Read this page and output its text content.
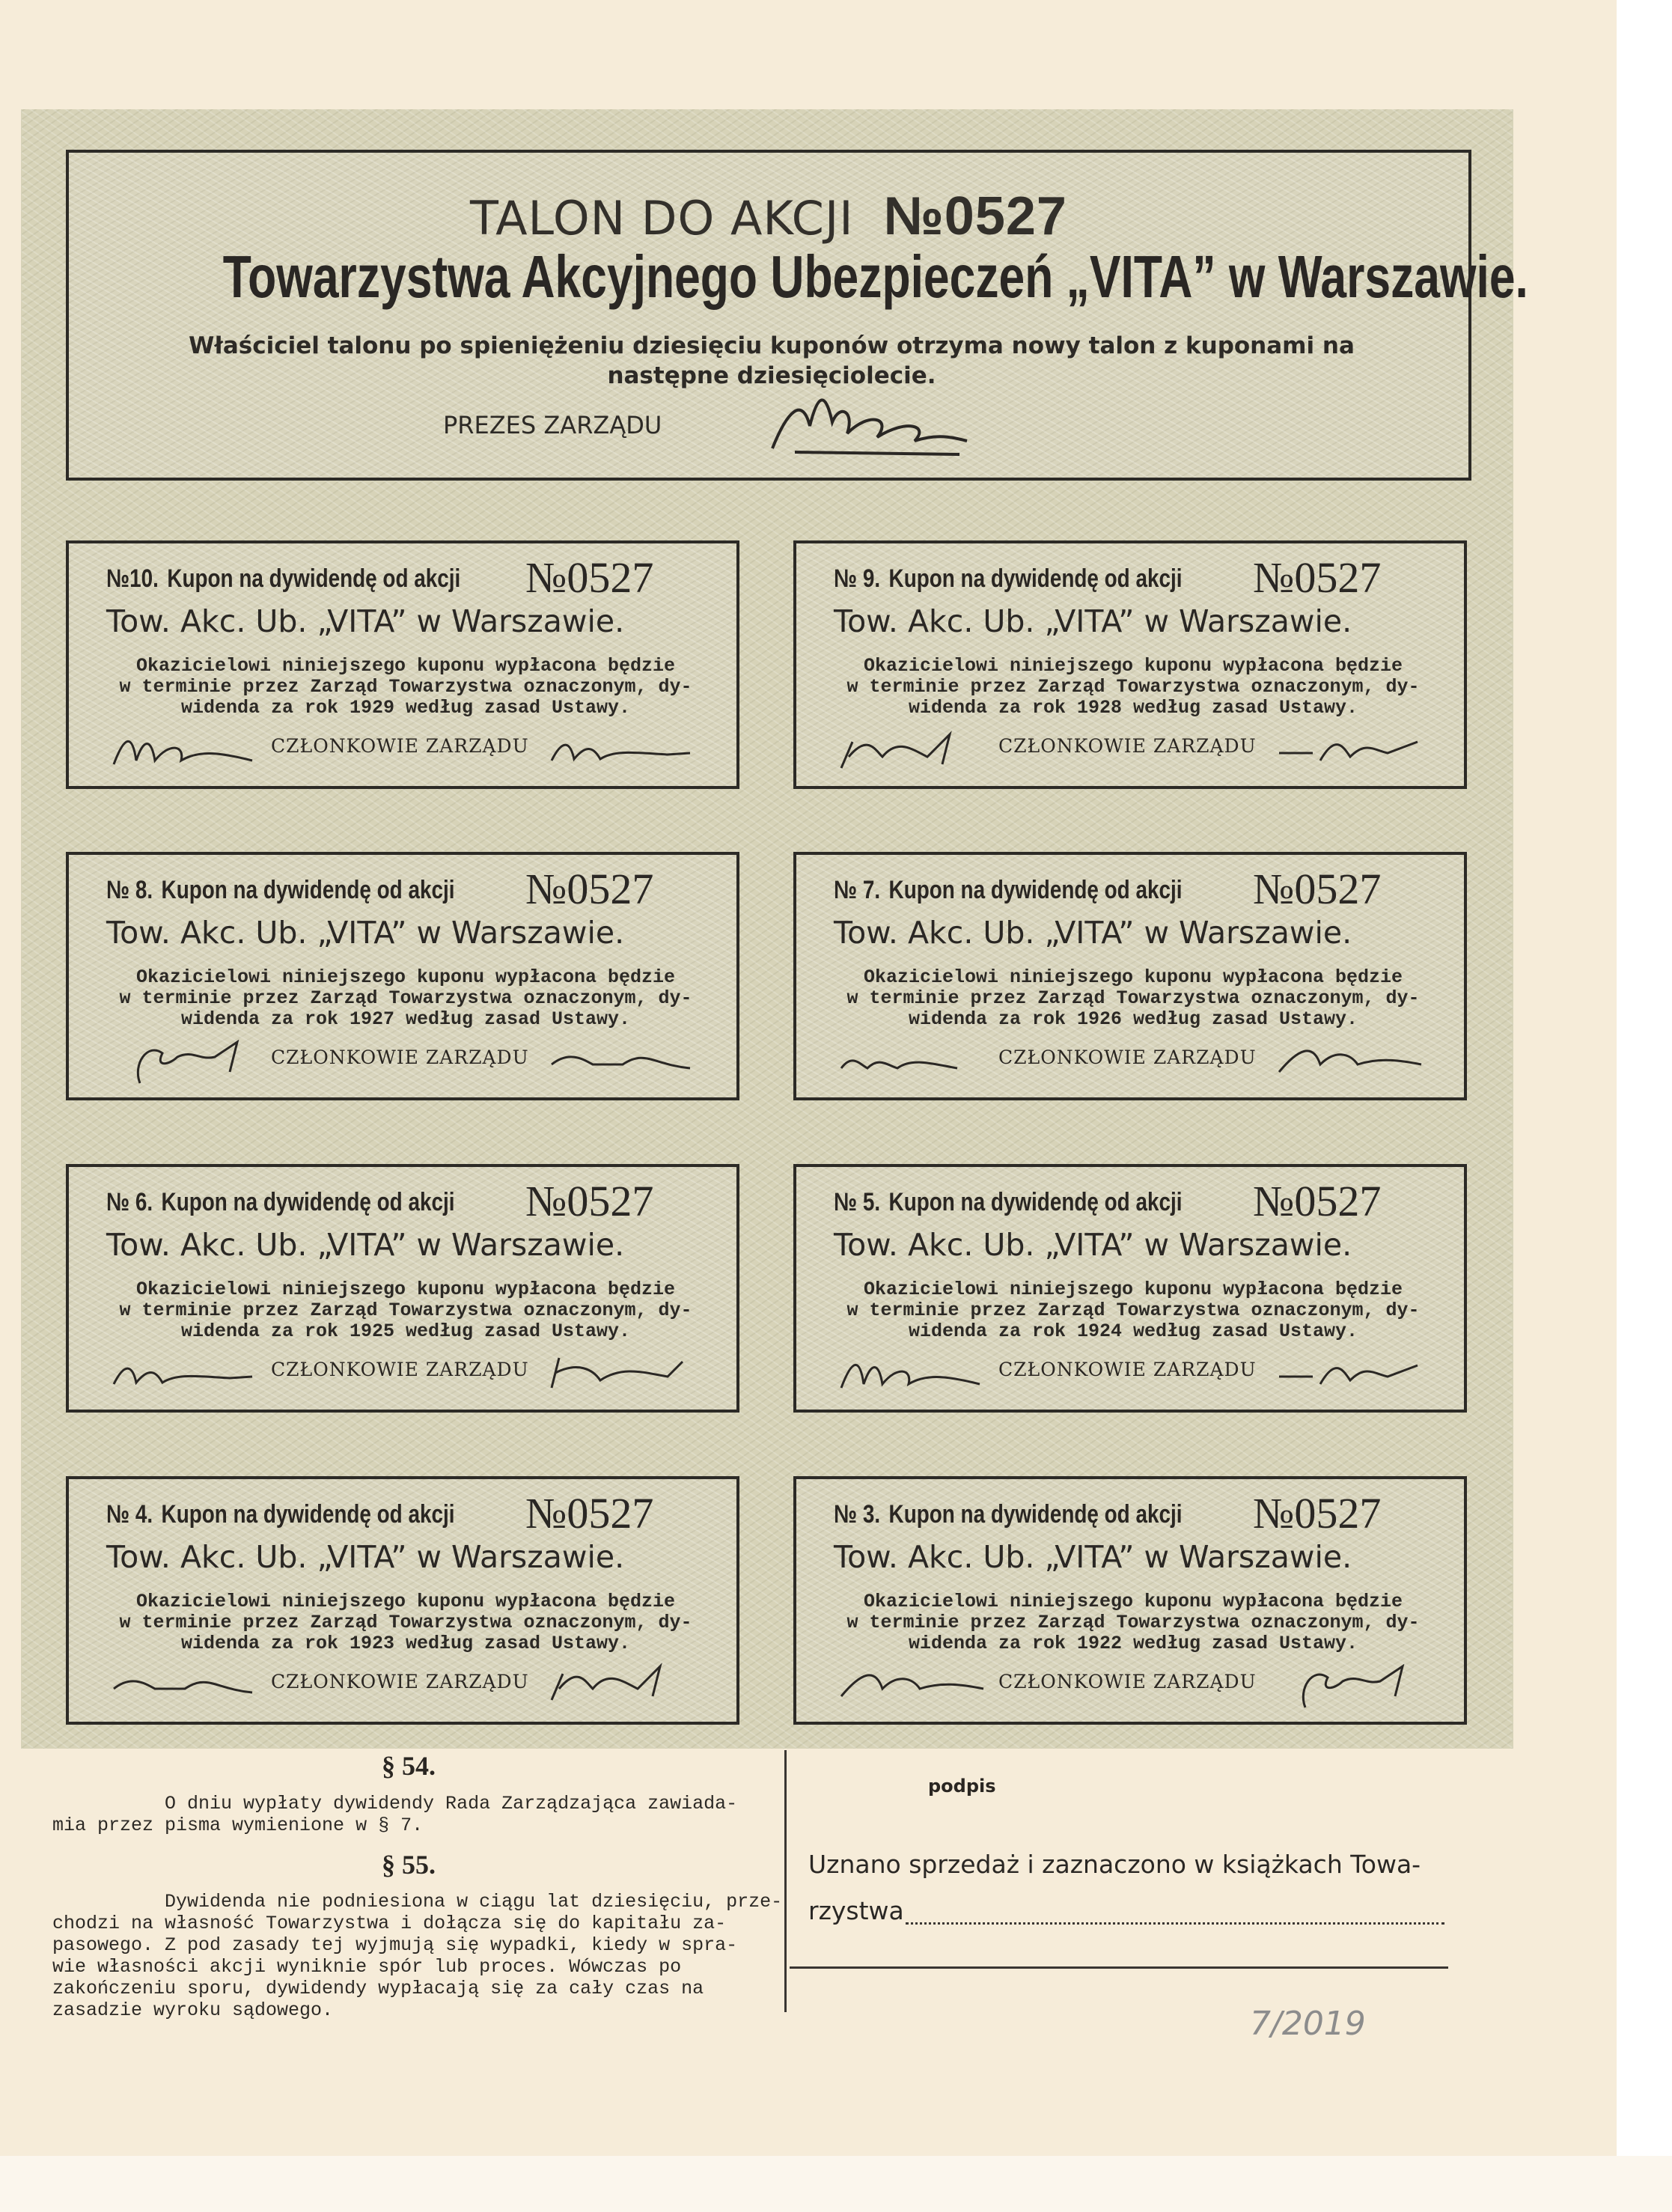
TALON DO AKCJI №0527
Towarzystwa Akcyjnego Ubezpieczeń „VITA” w Warszawie.
Właściciel talonu po spieniężeniu dziesięciu kuponów otrzyma nowy talon z kuponami na następne dziesięciolecie.
PREZES ZARZĄDU
№10. Kupon na dywidendę od akcji №0527
Tow. Akc. Ub. „VITA” w Warszawie.
Okazicielowi niniejszego kuponu wypłacona będzie
w terminie przez Zarząd Towarzystwa oznaczonym, dy-
widenda za rok 1929 według zasad Ustawy.
CZŁONKOWIE ZARZĄDU
№ 9. Kupon na dywidendę od akcji №0527
Tow. Akc. Ub. „VITA” w Warszawie.
Okazicielowi niniejszego kuponu wypłacona będzie
w terminie przez Zarząd Towarzystwa oznaczonym, dy-
widenda za rok 1928 według zasad Ustawy.
CZŁONKOWIE ZARZĄDU
№ 8. Kupon na dywidendę od akcji №0527
Tow. Akc. Ub. „VITA” w Warszawie.
Okazicielowi niniejszego kuponu wypłacona będzie
w terminie przez Zarząd Towarzystwa oznaczonym, dy-
widenda za rok 1927 według zasad Ustawy.
CZŁONKOWIE ZARZĄDU
№ 7. Kupon na dywidendę od akcji №0527
Tow. Akc. Ub. „VITA” w Warszawie.
Okazicielowi niniejszego kuponu wypłacona będzie
w terminie przez Zarząd Towarzystwa oznaczonym, dy-
widenda za rok 1926 według zasad Ustawy.
CZŁONKOWIE ZARZĄDU
№ 6. Kupon na dywidendę od akcji №0527
Tow. Akc. Ub. „VITA” w Warszawie.
Okazicielowi niniejszego kuponu wypłacona będzie
w terminie przez Zarząd Towarzystwa oznaczonym, dy-
widenda za rok 1925 według zasad Ustawy.
CZŁONKOWIE ZARZĄDU
№ 5. Kupon na dywidendę od akcji №0527
Tow. Akc. Ub. „VITA” w Warszawie.
Okazicielowi niniejszego kuponu wypłacona będzie
w terminie przez Zarząd Towarzystwa oznaczonym, dy-
widenda za rok 1924 według zasad Ustawy.
CZŁONKOWIE ZARZĄDU
№ 4. Kupon na dywidendę od akcji №0527
Tow. Akc. Ub. „VITA” w Warszawie.
Okazicielowi niniejszego kuponu wypłacona będzie
w terminie przez Zarząd Towarzystwa oznaczonym, dy-
widenda za rok 1923 według zasad Ustawy.
CZŁONKOWIE ZARZĄDU
№ 3. Kupon na dywidendę od akcji №0527
Tow. Akc. Ub. „VITA” w Warszawie.
Okazicielowi niniejszego kuponu wypłacona będzie
w terminie przez Zarząd Towarzystwa oznaczonym, dy-
widenda za rok 1922 według zasad Ustawy.
CZŁONKOWIE ZARZĄDU
§ 54.
O dniu wypłaty dywidendy Rada Zarządzająca zawiada-
mia przez pisma wymienione w § 7.
§ 55.
Dywidenda nie podniesiona w ciągu lat dziesięciu, prze-
chodzi na własność Towarzystwa i dołącza się do kapitału za-
pasowego. Z pod zasady tej wyjmują się wypadki, kiedy w spra-
wie własności akcji wyniknie spór lub proces. Wówczas po
zakończeniu sporu, dywidendy wypłacają się za cały czas na
zasadzie wyroku sądowego.
podpis
Uznano sprzedaż i zaznaczono w książkach Towa-
rzystwa
7/2019
